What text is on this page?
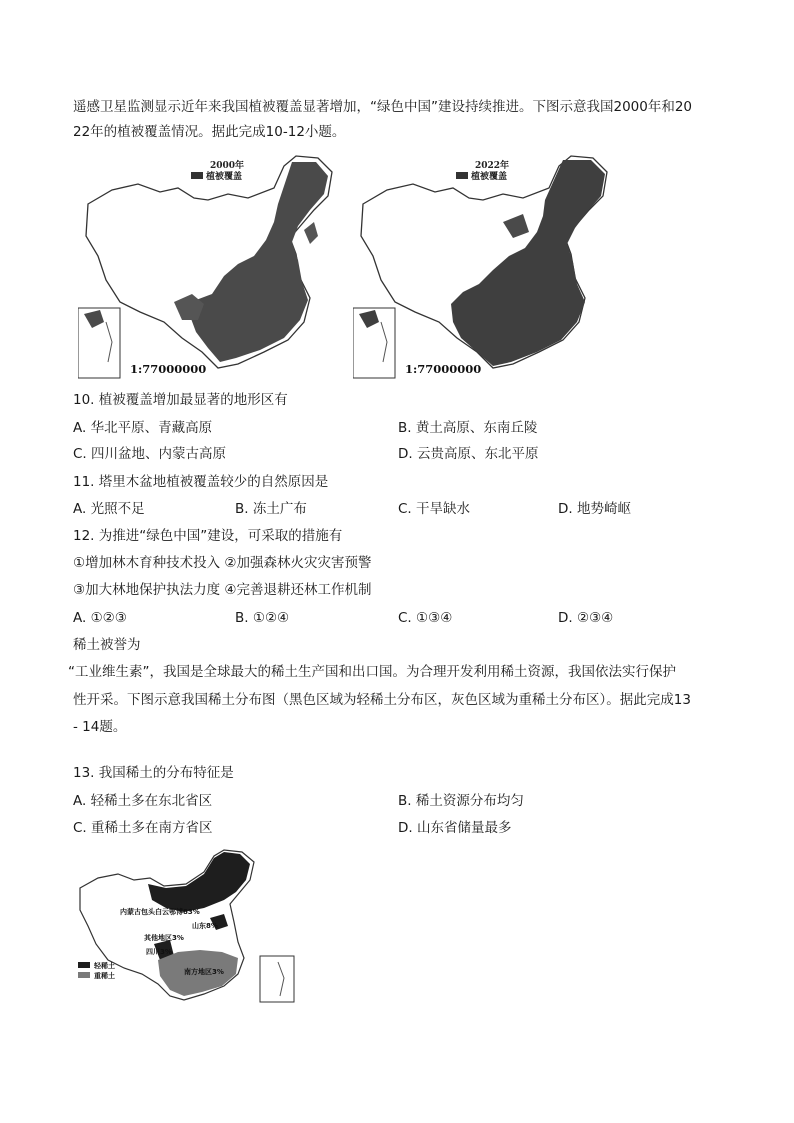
遥感卫星监测显示近年来我国植被覆盖显著增加，“绿色中国”建设持续推进。下图示意我国2000年和20
22年的植被覆盖情况。据此完成10-12小题。
2000年
植被覆盖
1:77000000
2022年
植被覆盖
1:77000000
10. 植被覆盖增加最显著的地形区有
A. 华北平原、青藏高原	B. 黄土高原、东南丘陵
C. 四川盆地、内蒙古高原	D. 云贵高原、东北平原
11. 塔里木盆地植被覆盖较少的自然原因是
A. 光照不足	B. 冻土广布	C. 干旱缺水	D. 地势崎岖
12. 为推进“绿色中国”建设，可采取的措施有
①增加林木育种技术投入 ②加强森林火灾灾害预警
③加大林地保护执法力度 ④完善退耕还林工作机制
A. ①②③	B. ①②④	C. ①③④	D. ②③④
稀土被誉为
“工业维生素”，我国是全球最大的稀土生产国和出口国。为合理开发利用稀土资源，我国依法实行保护
性开采。下图示意我国稀土分布图（黑色区域为轻稀土分布区，灰色区域为重稀土分布区）。据此完成13
- 14题。
13. 我国稀土的分布特征是
A. 轻稀土多在东北省区	B. 稀土资源分布均匀
C. 重稀土多在南方省区	D. 山东省储量最多
内蒙古包头白云鄂博83%
山东8%
其他地区3%
四川3%
南方地区3%
轻稀土
重稀土
